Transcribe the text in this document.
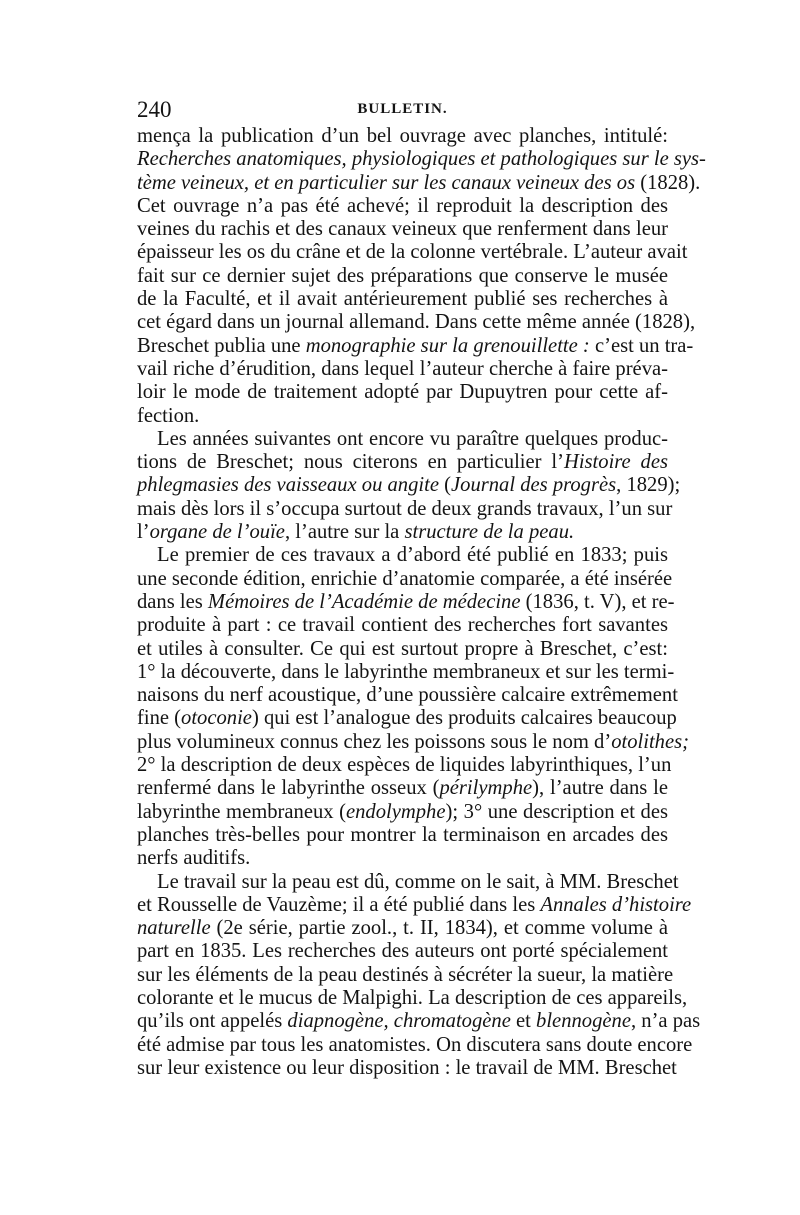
240	BULLETIN.

mença la publication d’un bel ouvrage avec planches, intitulé:
Recherches anatomiques, physiologiques et pathologiques sur le sys-
tème veineux, et en particulier sur les canaux veineux des os (1828).
Cet ouvrage n’a pas été achevé; il reproduit la description des
veines du rachis et des canaux veineux que renferment dans leur
épaisseur les os du crâne et de la colonne vertébrale. L’auteur avait
fait sur ce dernier sujet des préparations que conserve le musée
de la Faculté, et il avait antérieurement publié ses recherches à
cet égard dans un journal allemand. Dans cette même année (1828),
Breschet publia une monographie sur la grenouillette : c’est un tra-
vail riche d’érudition, dans lequel l’auteur cherche à faire préva-
loir le mode de traitement adopté par Dupuytren pour cette af-
fection.

Les années suivantes ont encore vu paraître quelques produc-
tions de Breschet; nous citerons en particulier l’Histoire des
phlegmasies des vaisseaux ou angite (Journal des progrès, 1829);
mais dès lors il s’occupa surtout de deux grands travaux, l’un sur
l’organe de l’ouïe, l’autre sur la structure de la peau.

Le premier de ces travaux a d’abord été publié en 1833; puis
une seconde édition, enrichie d’anatomie comparée, a été insérée
dans les Mémoires de l’Académie de médecine (1836, t. V), et re-
produite à part : ce travail contient des recherches fort savantes
et utiles à consulter. Ce qui est surtout propre à Breschet, c’est:
1° la découverte, dans le labyrinthe membraneux et sur les termi-
naisons du nerf acoustique, d’une poussière calcaire extrêmement
fine (otoconie) qui est l’analogue des produits calcaires beaucoup
plus volumineux connus chez les poissons sous le nom d’otolithes;
2° la description de deux espèces de liquides labyrinthiques, l’un
renfermé dans le labyrinthe osseux (périlymphe), l’autre dans le
labyrinthe membraneux (endolymphe); 3° une description et des
planches très-belles pour montrer la terminaison en arcades des
nerfs auditifs.

Le travail sur la peau est dû, comme on le sait, à MM. Breschet
et Rousselle de Vauzème; il a été publié dans les Annales d’histoire
naturelle (2e série, partie zool., t. II, 1834), et comme volume à
part en 1835. Les recherches des auteurs ont porté spécialement
sur les éléments de la peau destinés à sécréter la sueur, la matière
colorante et le mucus de Malpighi. La description de ces appareils,
qu’ils ont appelés diapnogène, chromatogène et blennogène, n’a pas
été admise par tous les anatomistes. On discutera sans doute encore
sur leur existence ou leur disposition : le travail de MM. Breschet
